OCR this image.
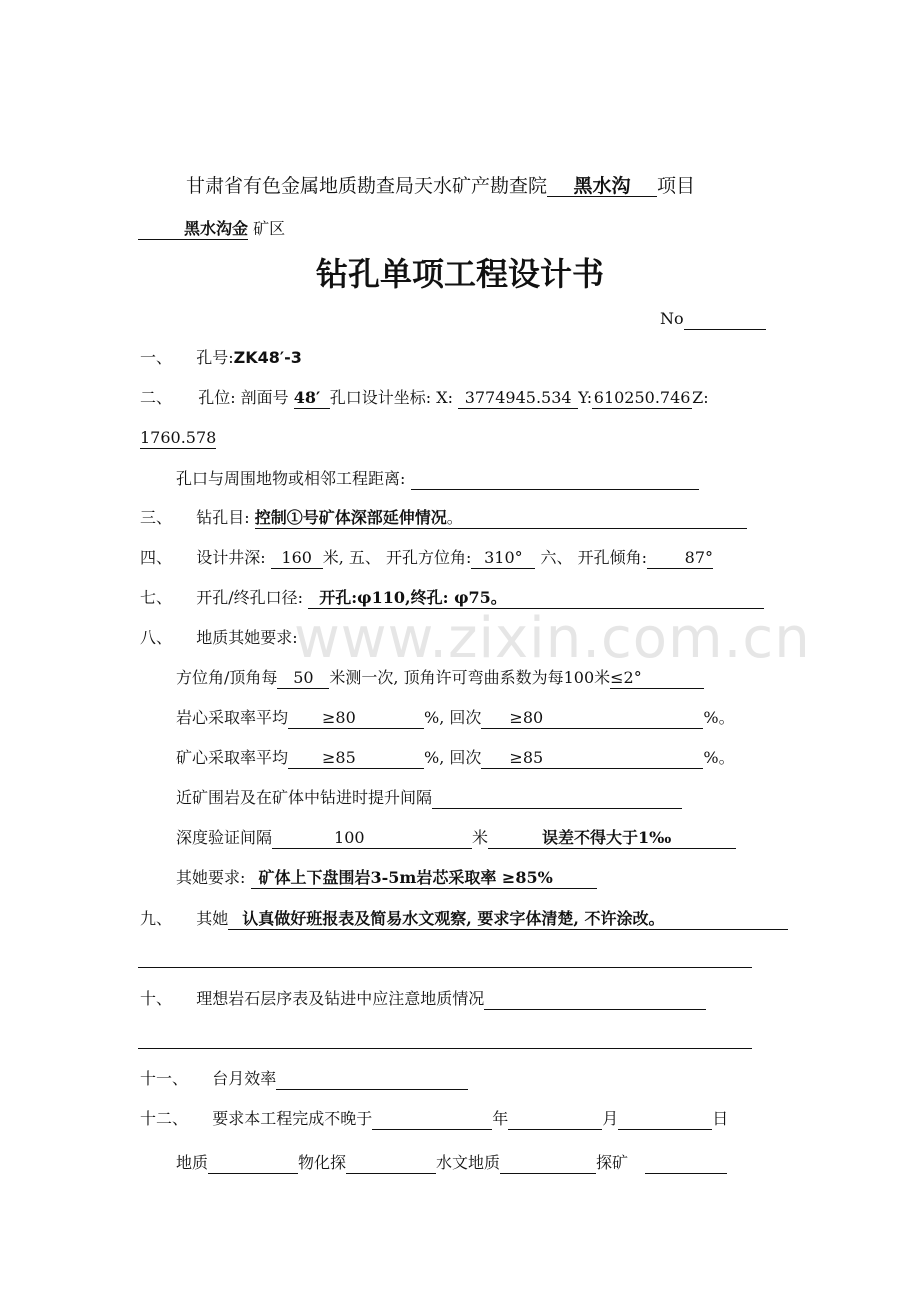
www.zixin.com.cn
甘肃省有色金属地质勘查局天水矿产勘查院 黑水沟 项目
黑水沟金 矿区
钻孔单项工程设计书
No
一、 孔号:ZK48′-3
二、 孔位: 剖面号 48′ 孔口设计坐标: X: 3774945.534 Y: 610250.746 Z:
1760.578
孔口与周围地物或相邻工程距离:
三、 钻孔目: 控制①号矿体深部延伸情况。
四、 设计井深: 160 米, 五、 开孔方位角: 310° 六、 开孔倾角: 87°
七、 开孔/终孔口径: 开孔:φ110,终孔: φ75。
八、 地质其她要求:
方位角/顶角每 50 米测一次, 顶角许可弯曲系数为每100米≤2°
岩心采取率平均 ≥80	%, 回次 ≥80	%。
矿心采取率平均 ≥85	%, 回次 ≥85	%。
近矿围岩及在矿体中钻进时提升间隔
深度验证间隔	100	米	误差不得大于1‰
其她要求: 矿体上下盘围岩3-5m岩芯采取率 ≥85%
九、 其她 认真做好班报表及简易水文观察, 要求字体清楚, 不许涂改。
十、 理想岩石层序表及钻进中应注意地质情况
十一、 台月效率
十二、 要求本工程完成不晚于	年	月	日
地质	物化探	水文地质	探矿
